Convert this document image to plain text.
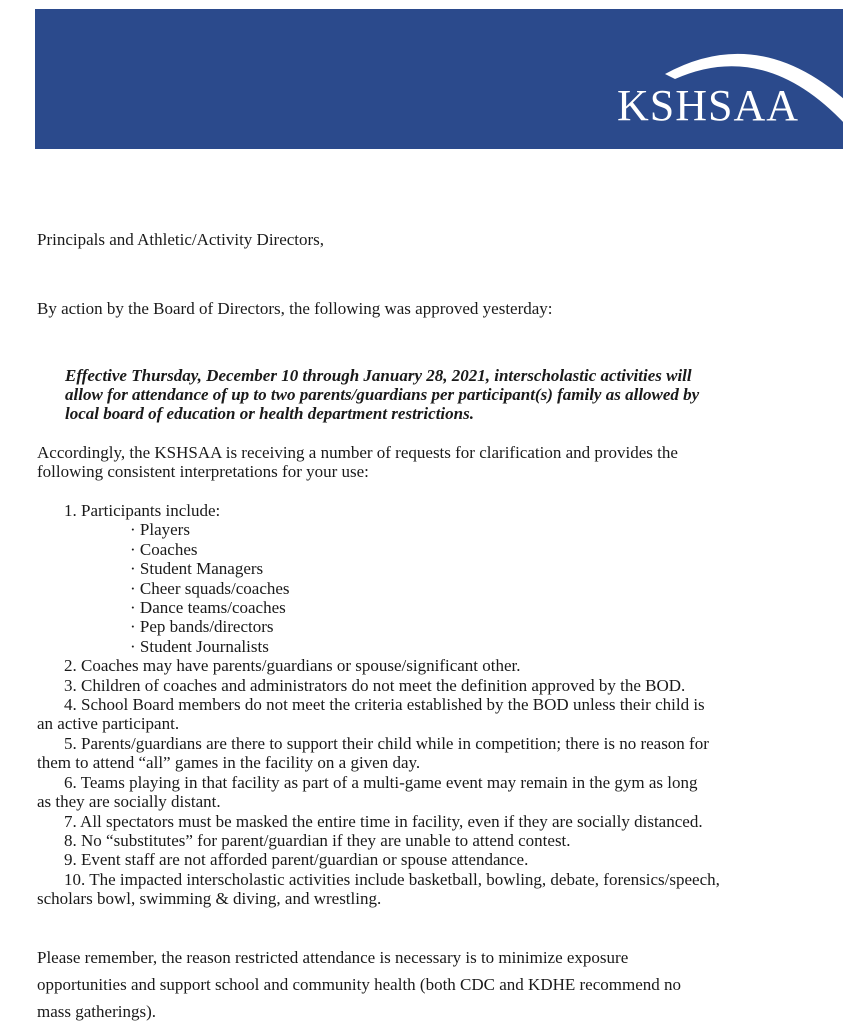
KSHSAA
Principals and Athletic/Activity Directors,
By action by the Board of Directors, the following was approved yesterday:
Effective Thursday, December 10 through January 28, 2021, interscholastic activities will
allow for attendance of up to two parents/guardians per participant(s) family as allowed by
local board of education or health department restrictions.
Accordingly, the KSHSAA is receiving a number of requests for clarification and provides the
following consistent interpretations for your use:
1. Participants include:
· Players
· Coaches
· Student Managers
· Cheer squads/coaches
· Dance teams/coaches
· Pep bands/directors
· Student Journalists
2. Coaches may have parents/guardians or spouse/significant other.
3. Children of coaches and administrators do not meet the definition approved by the BOD.
4. School Board members do not meet the criteria established by the BOD unless their child is
an active participant.
5. Parents/guardians are there to support their child while in competition; there is no reason for
them to attend “all” games in the facility on a given day.
6. Teams playing in that facility as part of a multi-game event may remain in the gym as long
as they are socially distant.
7. All spectators must be masked the entire time in facility, even if they are socially distanced.
8. No “substitutes” for parent/guardian if they are unable to attend contest.
9. Event staff are not afforded parent/guardian or spouse attendance.
10. The impacted interscholastic activities include basketball, bowling, debate, forensics/speech,
scholars bowl, swimming & diving, and wrestling.
Please remember, the reason restricted attendance is necessary is to minimize exposure
opportunities and support school and community health (both CDC and KDHE recommend no
mass gatherings).
